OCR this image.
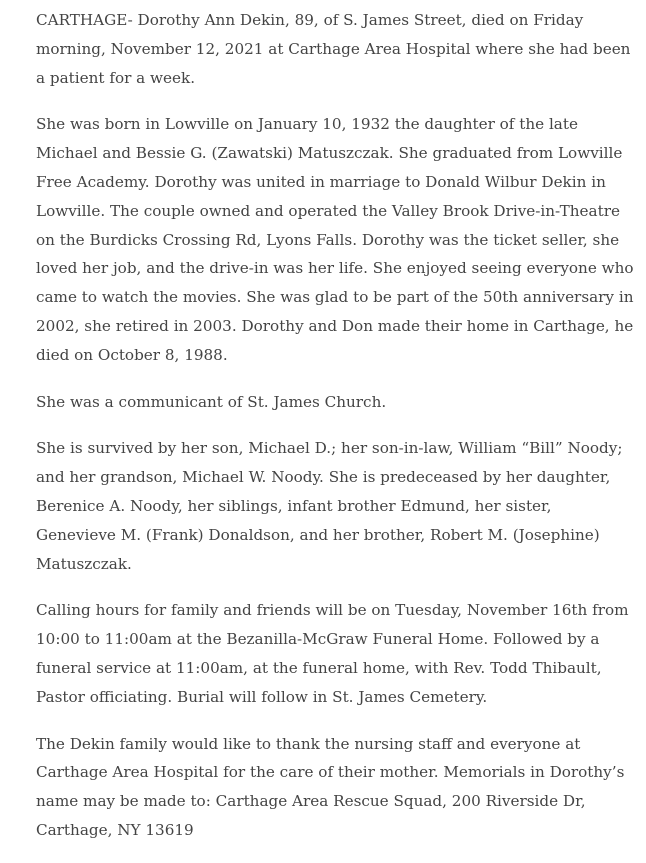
CARTHAGE- Dorothy Ann Dekin, 89, of S. James Street, died on Friday morning, November 12, 2021 at Carthage Area Hospital where she had been a patient for a week.

She was born in Lowville on January 10, 1932 the daughter of the late Michael and Bessie G. (Zawatski) Matuszczak. She graduated from Lowville Free Academy. Dorothy was united in marriage to Donald Wilbur Dekin in Lowville. The couple owned and operated the Valley Brook Drive-in-Theatre on the Burdicks Crossing Rd, Lyons Falls. Dorothy was the ticket seller, she loved her job, and the drive-in was her life. She enjoyed seeing everyone who came to watch the movies. She was glad to be part of the 50th anniversary in 2002, she retired in 2003. Dorothy and Don made their home in Carthage, he died on October 8, 1988.

She was a communicant of St. James Church.

She is survived by her son, Michael D.; her son-in-law, William “Bill” Noody; and her grandson, Michael W. Noody. She is predeceased by her daughter, Berenice A. Noody, her siblings, infant brother Edmund, her sister, Genevieve M. (Frank) Donaldson, and her brother, Robert M. (Josephine) Matuszczak.

Calling hours for family and friends will be on Tuesday, November 16th from 10:00 to 11:00am at the Bezanilla-McGraw Funeral Home. Followed by a funeral service at 11:00am, at the funeral home, with Rev. Todd Thibault, Pastor officiating. Burial will follow in St. James Cemetery.

The Dekin family would like to thank the nursing staff and everyone at Carthage Area Hospital for the care of their mother. Memorials in Dorothy’s name may be made to: Carthage Area Rescue Squad, 200 Riverside Dr, Carthage, NY 13619
